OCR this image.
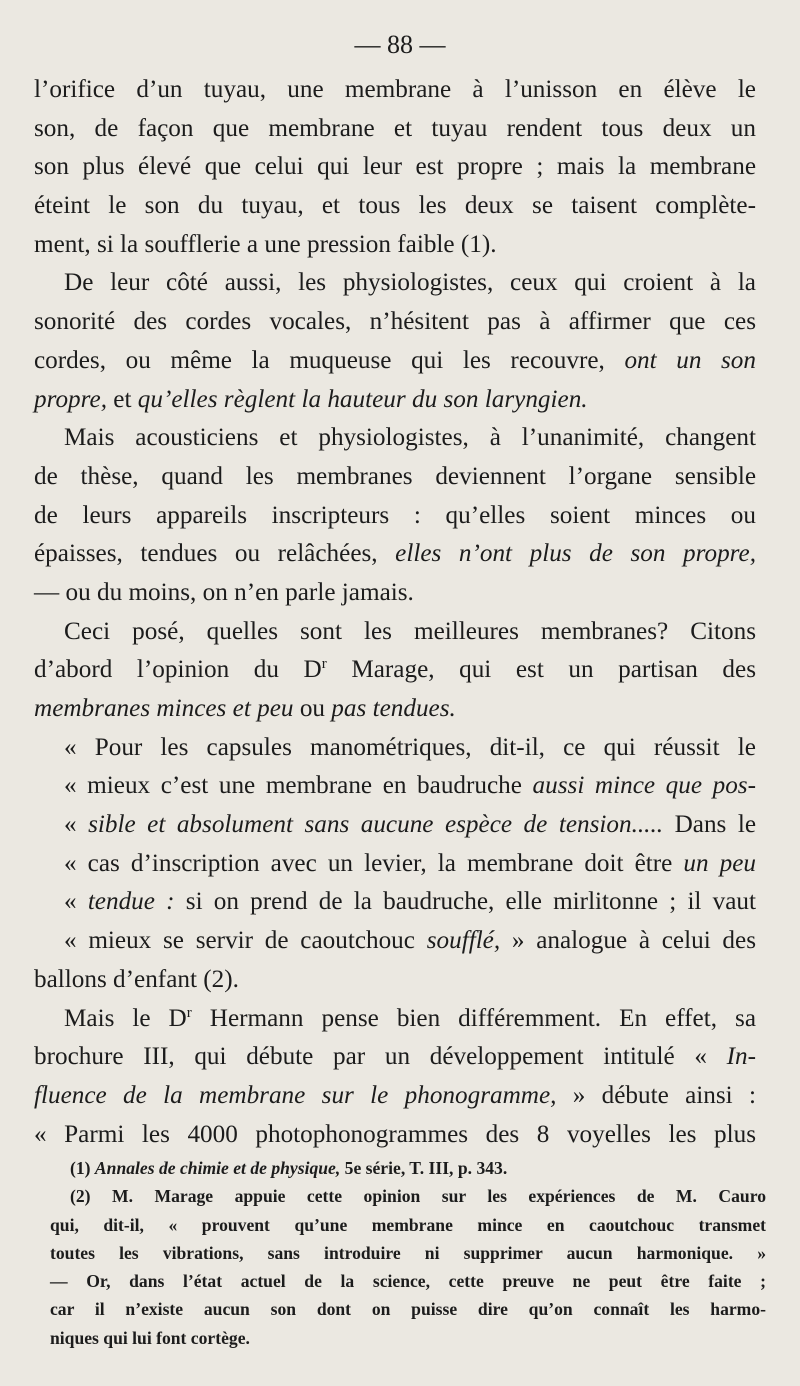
— 88 —
l’orifice d’un tuyau, une membrane à l’unisson en élève le
son, de façon que membrane et tuyau rendent tous deux un
son plus élevé que celui qui leur est propre ; mais la membrane
éteint le son du tuyau, et tous les deux se taisent complète-
ment, si la soufflerie a une pression faible (1).
De leur côté aussi, les physiologistes, ceux qui croient à la
sonorité des cordes vocales, n’hésitent pas à affirmer que ces
cordes, ou même la muqueuse qui les recouvre, ont un son
propre, et qu’elles règlent la hauteur du son laryngien.
Mais acousticiens et physiologistes, à l’unanimité, changent
de thèse, quand les membranes deviennent l’organe sensible
de leurs appareils inscripteurs : qu’elles soient minces ou
épaisses, tendues ou relâchées, elles n’ont plus de son propre,
— ou du moins, on n’en parle jamais.
Ceci posé, quelles sont les meilleures membranes? Citons
d’abord l’opinion du $D^r$ Marage, qui est un partisan des
membranes minces et peu ou pas tendues.
« Pour les capsules manométriques, dit-il, ce qui réussit le
« mieux c’est une membrane en baudruche aussi mince que pos-
« sible et absolument sans aucune espèce de tension..... Dans le
« cas d’inscription avec un levier, la membrane doit être un peu
« tendue : si on prend de la baudruche, elle mirlitonne ; il vaut
« mieux se servir de caoutchouc soufflé, » analogue à celui des
ballons d’enfant (2).
Mais le $D^r$ Hermann pense bien différemment. En effet, sa
brochure III, qui débute par un développement intitulé « In-
fluence de la membrane sur le phonogramme, » débute ainsi :
« Parmi les 4000 photophonogrammes des 8 voyelles les plus
(1) Annales de chimie et de physique, 5e série, T. III, p. 343.
(2) M. Marage appuie cette opinion sur les expériences de M. Cauro
qui, dit-il, « prouvent qu’une membrane mince en caoutchouc transmet
toutes les vibrations, sans introduire ni supprimer aucun harmonique. »
— Or, dans l’état actuel de la science, cette preuve ne peut être faite ;
car il n’existe aucun son dont on puisse dire qu’on connaît les harmo-
niques qui lui font cortège.
